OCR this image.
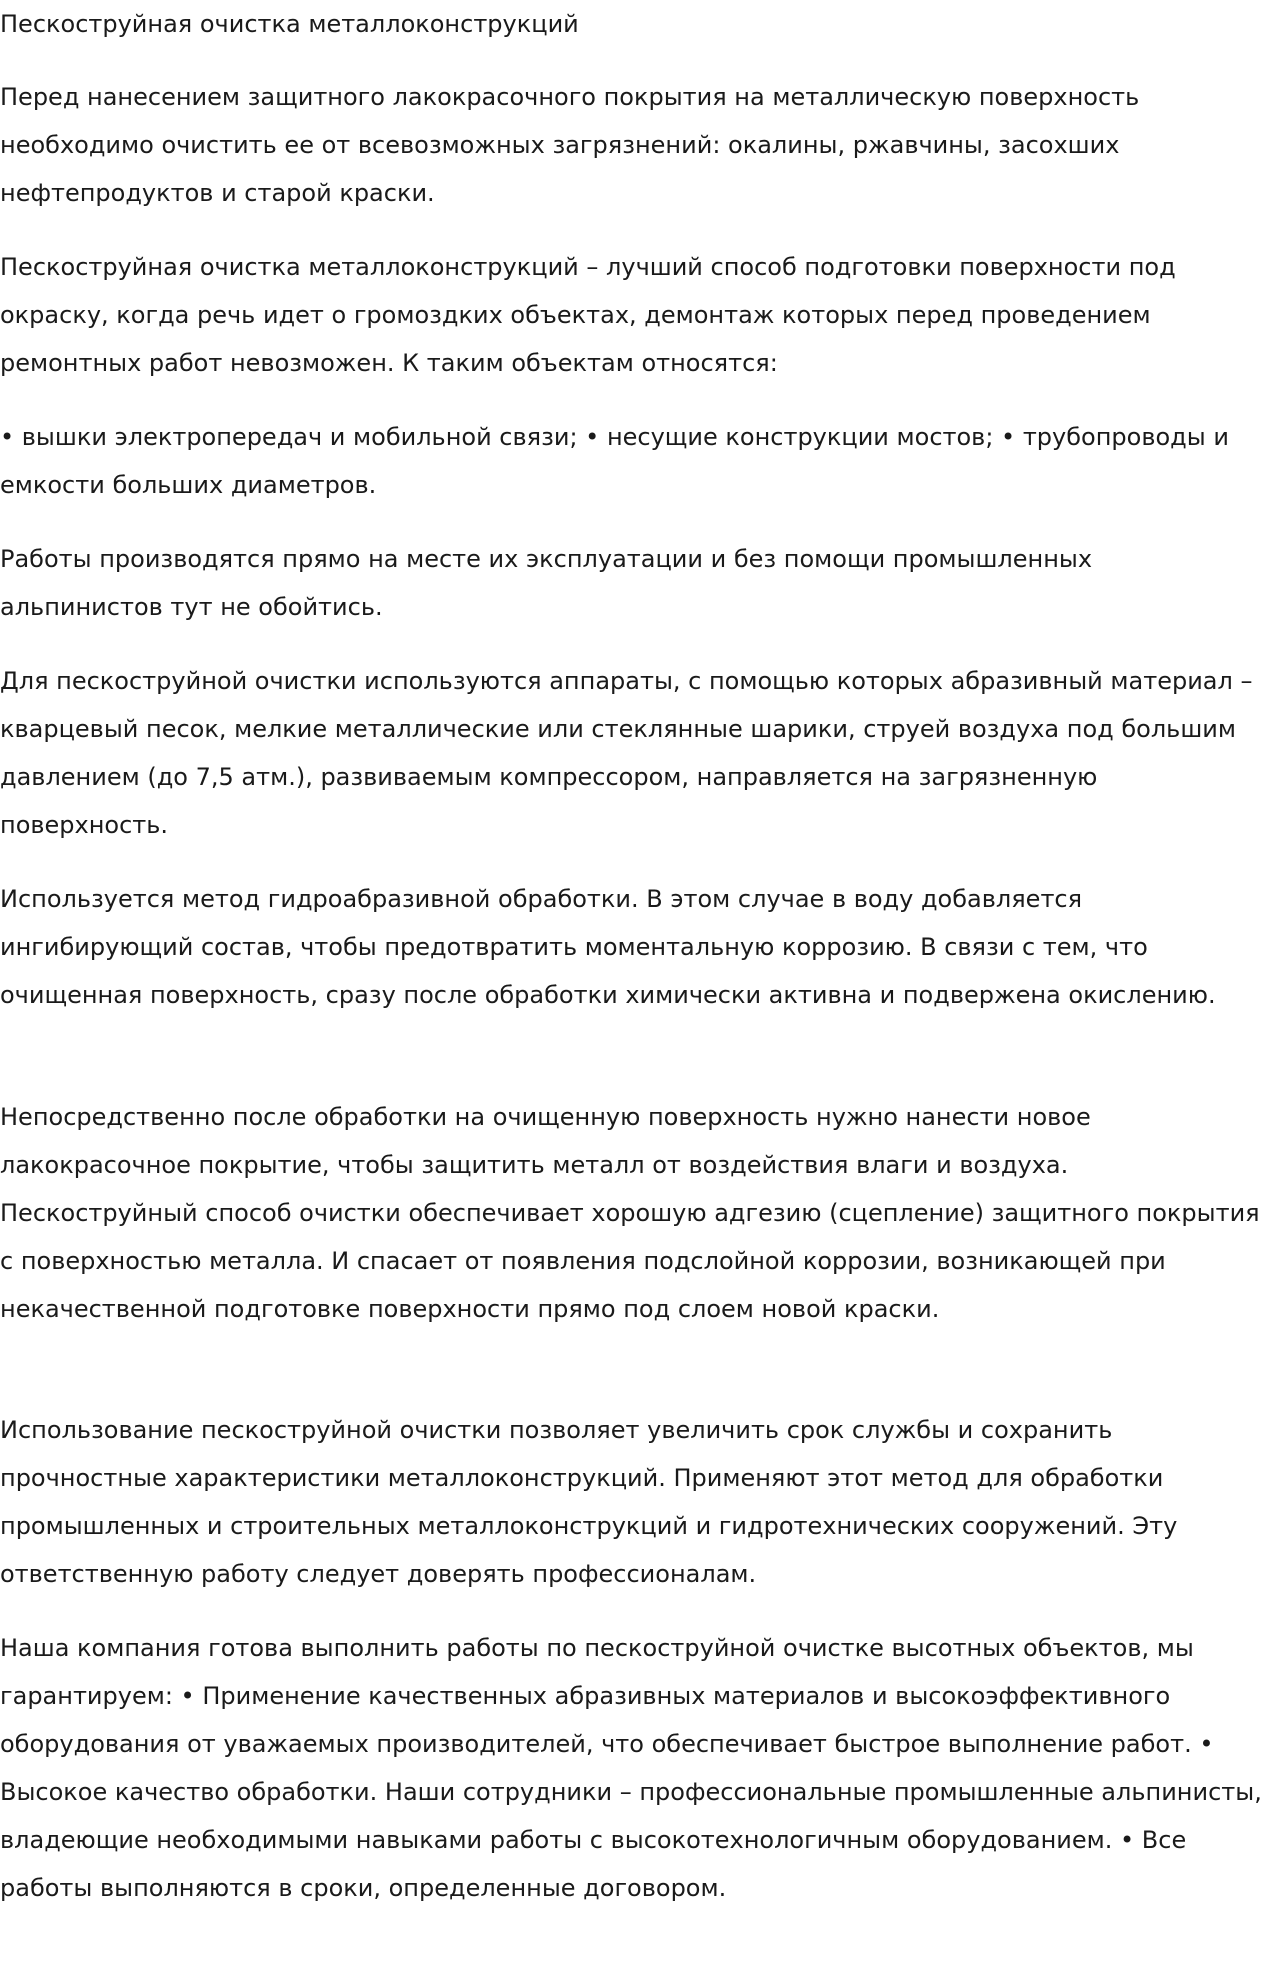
Пескоструйная очистка металлоконструкций

Перед нанесением защитного лакокрасочного покрытия на металлическую поверхность необходимо очистить ее от всевозможных загрязнений: окалины, ржавчины, засохших нефтепродуктов и старой краски.

Пескоструйная очистка металлоконструкций – лучший способ подготовки поверхности под окраску, когда речь идет о громоздких объектах, демонтаж которых перед проведением ремонтных работ невозможен. К таким объектам относятся:

• вышки электропередач и мобильной связи; • несущие конструкции мостов; • трубопроводы и емкости больших диаметров.

Работы производятся прямо на месте их эксплуатации и без помощи промышленных альпинистов тут не обойтись.

Для пескоструйной очистки используются аппараты, с помощью которых абразивный материал – кварцевый песок, мелкие металлические или стеклянные шарики, струей воздуха под большим давлением (до 7,5 атм.), развиваемым компрессором, направляется на загрязненную поверхность.

Используется метод гидроабразивной обработки. В этом случае в воду добавляется ингибирующий состав, чтобы предотвратить моментальную коррозию. В связи с тем, что очищенная поверхность, сразу после обработки химически активна и подвержена окислению.

Непосредственно после обработки на очищенную поверхность нужно нанести новое лакокрасочное покрытие, чтобы защитить металл от воздействия влаги и воздуха. Пескоструйный способ очистки обеспечивает хорошую адгезию (сцепление) защитного покрытия с поверхностью металла. И спасает от появления подслойной коррозии, возникающей при некачественной подготовке поверхности прямо под слоем новой краски.

Использование пескоструйной очистки позволяет увеличить срок службы и сохранить прочностные характеристики металлоконструкций. Применяют этот метод для обработки промышленных и строительных металлоконструкций и гидротехнических сооружений. Эту ответственную работу следует доверять профессионалам.

Наша компания готова выполнить работы по пескоструйной очистке высотных объектов, мы гарантируем: • Применение качественных абразивных материалов и высокоэффективного оборудования от уважаемых производителей, что обеспечивает быстрое выполнение работ. • Высокое качество обработки. Наши сотрудники – профессиональные промышленные альпинисты, владеющие необходимыми навыками работы с высокотехнологичным оборудованием. • Все работы выполняются в сроки, определенные договором.
